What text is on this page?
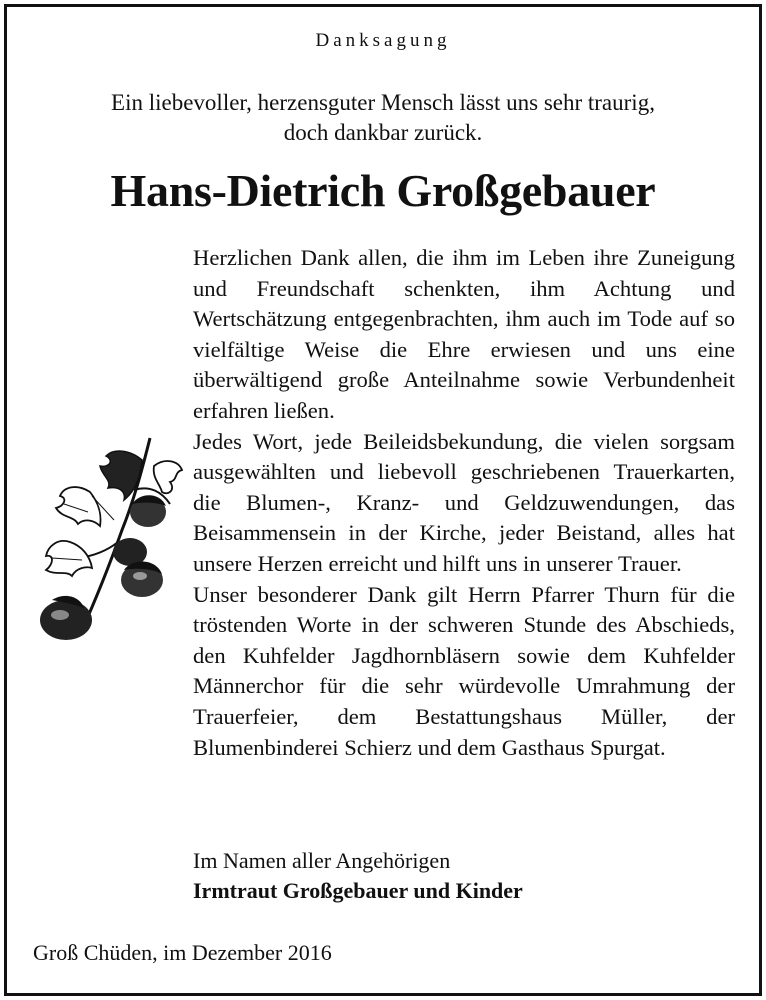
Danksagung
Ein liebevoller, herzensguter Mensch lässt uns sehr traurig,
doch dankbar zurück.
Hans-Dietrich Großgebauer

Herzlichen Dank allen, die ihm im Leben ihre Zuneigung und Freundschaft schenkten, ihm Achtung und Wertschätzung entgegenbrachten, ihm auch im Tode auf so vielfältige Weise die Ehre erwiesen und uns eine überwältigend große Anteilnahme sowie Verbundenheit erfahren ließen.

Jedes Wort, jede Beileidsbekundung, die vielen sorgsam ausgewählten und liebevoll geschriebenen Trauerkarten, die Blumen-, Kranz- und Geldzuwendungen, das Beisammensein in der Kirche, jeder Beistand, alles hat unsere Herzen erreicht und hilft uns in unserer Trauer.

Unser besonderer Dank gilt Herrn Pfarrer Thurn für die tröstenden Worte in der schweren Stunde des Abschieds, den Kuhfelder Jagdhornbläsern sowie dem Kuhfelder Männerchor für die sehr würdevolle Umrahmung der Trauerfeier, dem Bestattungshaus Müller, der Blumenbinderei Schierz und dem Gasthaus Spurgat.

Im Namen aller Angehörigen
Irmtraut Großgebauer und Kinder
Groß Chüden, im Dezember 2016
